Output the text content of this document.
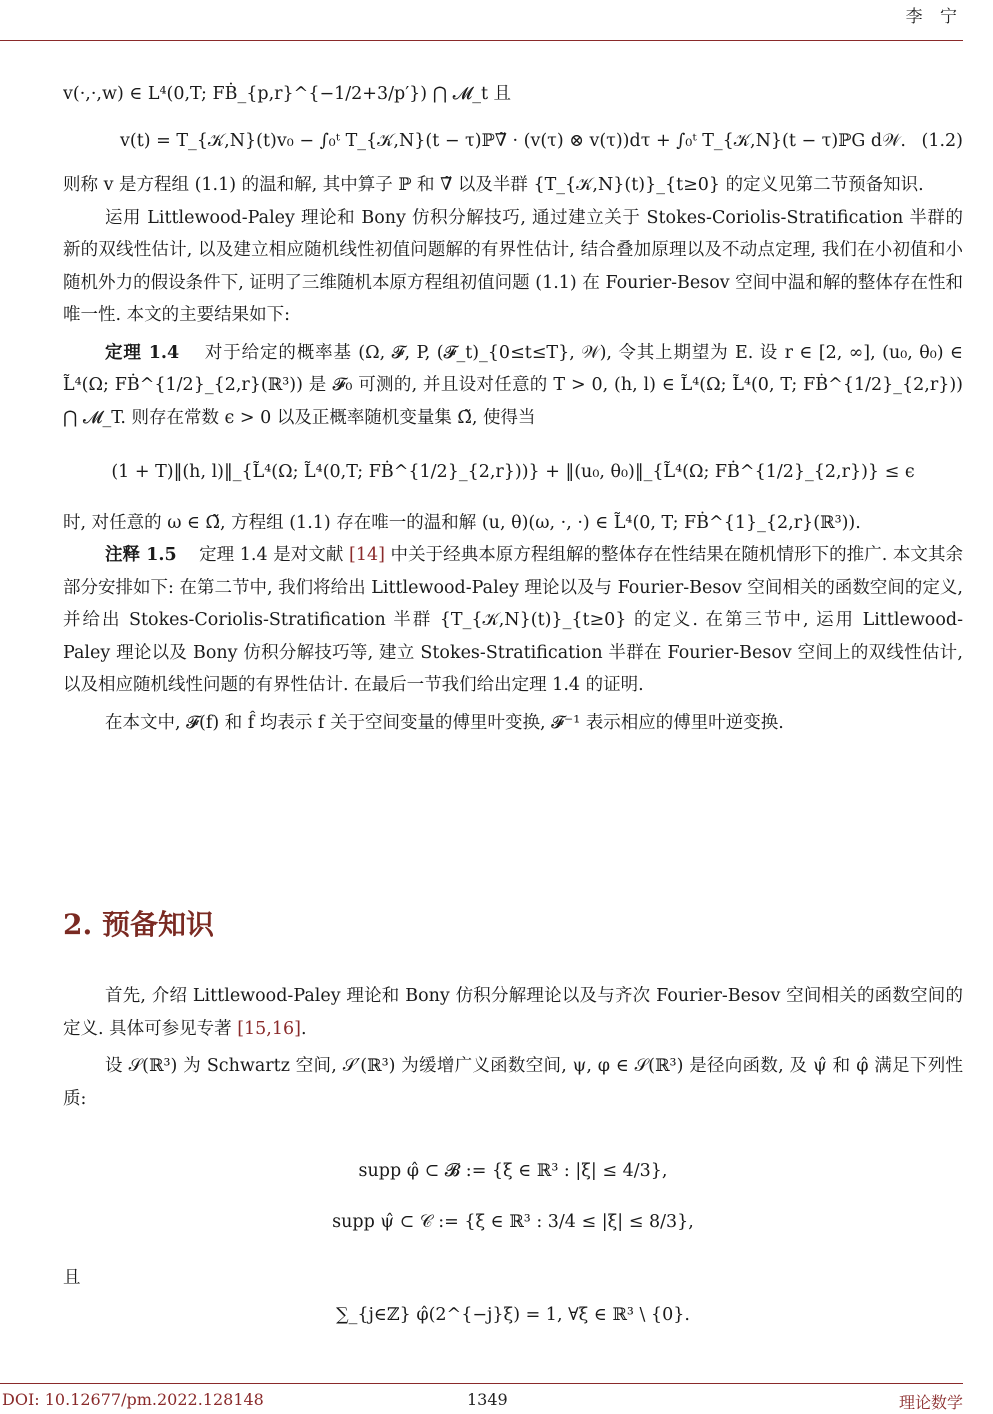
李 宁

v(·,·,w) ∈ L⁴(0,T; FḂ_{p,r}^{−1/2+3/p′}) ⋂ 𝓜_t 且

v(t) = T_{𝒦,N}(t)v₀ − ∫₀ᵗ T_{𝒦,N}(t − τ)ℙ∇̃ · (v(τ) ⊗ v(τ))dτ + ∫₀ᵗ T_{𝒦,N}(t − τ)ℙG d𝒲. (1.2)

则称 v 是方程组 (1.1) 的温和解, 其中算子 ℙ 和 ∇̃ 以及半群 {T_{𝒦,N}(t)}_{t≥0} 的定义见第二节预备知识.

运用 Littlewood-Paley 理论和 Bony 仿积分解技巧, 通过建立关于 Stokes-Coriolis-Stratification 半群的新的双线性估计, 以及建立相应随机线性初值问题解的有界性估计, 结合叠加原理以及不动点定理, 我们在小初值和小随机外力的假设条件下, 证明了三维随机本原方程组初值问题 (1.1) 在 Fourier-Besov 空间中温和解的整体存在性和唯一性. 本文的主要结果如下:

定理 1.4 对于给定的概率基 (Ω, 𝓕, P, (𝓕_t)_{0≤t≤T}, 𝒲), 令其上期望为 E. 设 r ∈ [2, ∞], (u₀, θ₀) ∈ L̃⁴(Ω; FḂ^{1/2}_{2,r}(ℝ³)) 是 𝓕₀ 可测的, 并且设对任意的 T > 0, (h, l) ∈ L̃⁴(Ω; L̃⁴(0, T; FḂ^{1/2}_{2,r})) ⋂ 𝓜_T. 则存在常数 ϵ > 0 以及正概率随机变量集 Ω̃, 使得当

(1 + T)‖(h, l)‖_{L̃⁴(Ω; L̃⁴(0,T; FḂ^{1/2}_{2,r}))} + ‖(u₀, θ₀)‖_{L̃⁴(Ω; FḂ^{1/2}_{2,r})} ≤ ϵ

时, 对任意的 ω ∈ Ω̃, 方程组 (1.1) 存在唯一的温和解 (u, θ)(ω, ·, ·) ∈ L̃⁴(0, T; FḂ^{1}_{2,r}(ℝ³)).

注释 1.5 定理 1.4 是对文献 [14] 中关于经典本原方程组解的整体存在性结果在随机情形下的推广. 本文其余部分安排如下: 在第二节中, 我们将给出 Littlewood-Paley 理论以及与 Fourier-Besov 空间相关的函数空间的定义, 并给出 Stokes-Coriolis-Stratification 半群 {T_{𝒦,N}(t)}_{t≥0} 的定义. 在第三节中, 运用 Littlewood-Paley 理论以及 Bony 仿积分解技巧等, 建立 Stokes-Stratification 半群在 Fourier-Besov 空间上的双线性估计, 以及相应随机线性问题的有界性估计. 在最后一节我们给出定理 1.4 的证明.

在本文中, 𝓕(f) 和 f̂ 均表示 f 关于空间变量的傅里叶变换, 𝓕⁻¹ 表示相应的傅里叶逆变换.

2. 预备知识

首先, 介绍 Littlewood-Paley 理论和 Bony 仿积分解理论以及与齐次 Fourier-Besov 空间相关的函数空间的定义. 具体可参见专著 [15,16].

设 𝒮(ℝ³) 为 Schwartz 空间, 𝒮′(ℝ³) 为缓增广义函数空间, ψ, φ ∈ 𝒮(ℝ³) 是径向函数, 及 ψ̂ 和 φ̂ 满足下列性质:

supp φ̂ ⊂ 𝓑 := {ξ ∈ ℝ³ : |ξ| ≤ 4/3},
supp ψ̂ ⊂ 𝒞 := {ξ ∈ ℝ³ : 3/4 ≤ |ξ| ≤ 8/3},

且

∑_{j∈ℤ} φ̂(2^{−j}ξ) = 1, ∀ξ ∈ ℝ³ \ {0}.
DOI: 10.12677/pm.2022.128148	1349	理论数学
